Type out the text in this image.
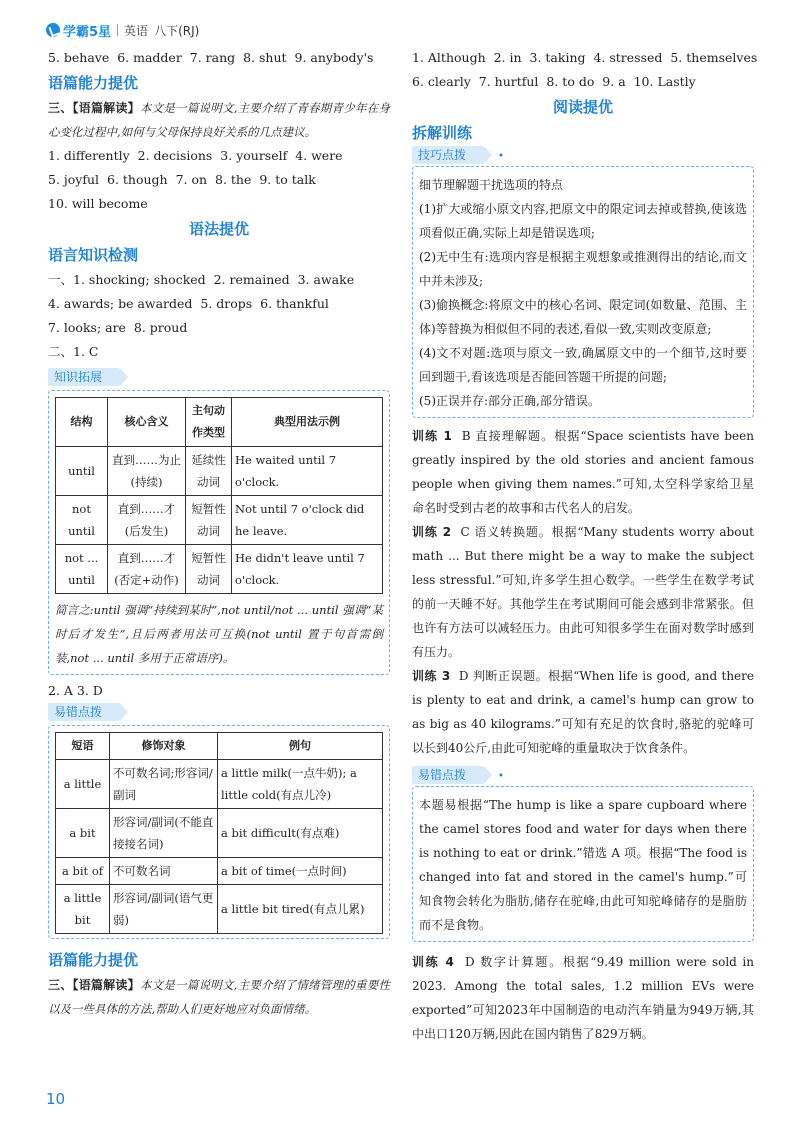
学霸5星 英语 八下(RJ)
5. behave 6. madder 7. rang 8. shut 9. anybody's
语篇能力提优
三、【语篇解读】本文是一篇说明文,主要介绍了青春期青少年在身心变化过程中,如何与父母保持良好关系的几点建议。
1. differently 2. decisions 3. yourself 4. were
5. joyful 6. though 7. on 8. the 9. to talk
10. will become
语法提优
语言知识检测
一、1. shocking; shocked 2. remained 3. awake
4. awards; be awarded 5. drops 6. thankful
7. looks; are 8. proud
二、1. C
知识拓展
结构	核心含义	主句动作类型	典型用法示例
until	直到……为止(持续)	延续性动词	He waited until 7 o'clock.
not until	直到……才(后发生)	短暂性动词	Not until 7 o'clock did he leave.
not ... until	直到……才(否定+动作)	短暂性动词	He didn't leave until 7 o'clock.
简言之:until 强调“持续到某时”,not until/not ... until 强调“某时后才发生”,且后两者用法可互换(not until 置于句首需倒装,not ... until 多用于正常语序)。
2. A 3. D
易错点拨
短语	修饰对象	例句
a little	不可数名词;形容词/副词	a little milk(一点牛奶); a little cold(有点儿冷)
a bit	形容词/副词(不能直接接名词)	a bit difficult(有点难)
a bit of	不可数名词	a bit of time(一点时间)
a little bit	形容词/副词(语气更弱)	a little bit tired(有点儿累)
语篇能力提优
三、【语篇解读】本文是一篇说明文,主要介绍了情绪管理的重要性以及一些具体的方法,帮助人们更好地应对负面情绪。
1. Although 2. in 3. taking 4. stressed 5. themselves
6. clearly 7. hurtful 8. to do 9. a 10. Lastly
阅读提优
拆解训练
技巧点拨	•
细节理解题干扰选项的特点
(1)扩大或缩小原文内容,把原文中的限定词去掉或替换,使该选项看似正确,实际上却是错误选项;
(2)无中生有:选项内容是根据主观想象或推测得出的结论,而文中并未涉及;
(3)偷换概念:将原文中的核心名词、限定词(如数量、范围、主体)等替换为相似但不同的表述,看似一致,实则改变原意;
(4)文不对题:选项与原文一致,确属原文中的一个细节,这时要回到题干,看该选项是否能回答题干所提的问题;
(5)正误并存:部分正确,部分错误。
训练 1 B 直接理解题。根据“Space scientists have been greatly inspired by the old stories and ancient famous people when giving them names.”可知,太空科学家给卫星命名时受到古老的故事和古代名人的启发。
训练 2 C 语义转换题。根据“Many students worry about math ... But there might be a way to make the subject less stressful.”可知,许多学生担心数学。一些学生在数学考试的前一天睡不好。其他学生在考试期间可能会感到非常紧张。但也许有方法可以减轻压力。由此可知很多学生在面对数学时感到有压力。
训练 3 D 判断正误题。根据“When life is good, and there is plenty to eat and drink, a camel's hump can grow to as big as 40 kilograms.”可知有充足的饮食时,骆驼的驼峰可以长到40公斤,由此可知驼峰的重量取决于饮食条件。
易错点拨	•
本题易根据“The hump is like a spare cupboard where the camel stores food and water for days when there is nothing to eat or drink.”错选 A 项。根据“The food is changed into fat and stored in the camel's hump.”可知食物会转化为脂肪,储存在驼峰,由此可知驼峰储存的是脂肪而不是食物。
训练 4 D 数字计算题。根据“9.49 million were sold in 2023. Among the total sales, 1.2 million EVs were exported”可知2023年中国制造的电动汽车销量为949万辆,其中出口120万辆,因此在国内销售了829万辆。
10
